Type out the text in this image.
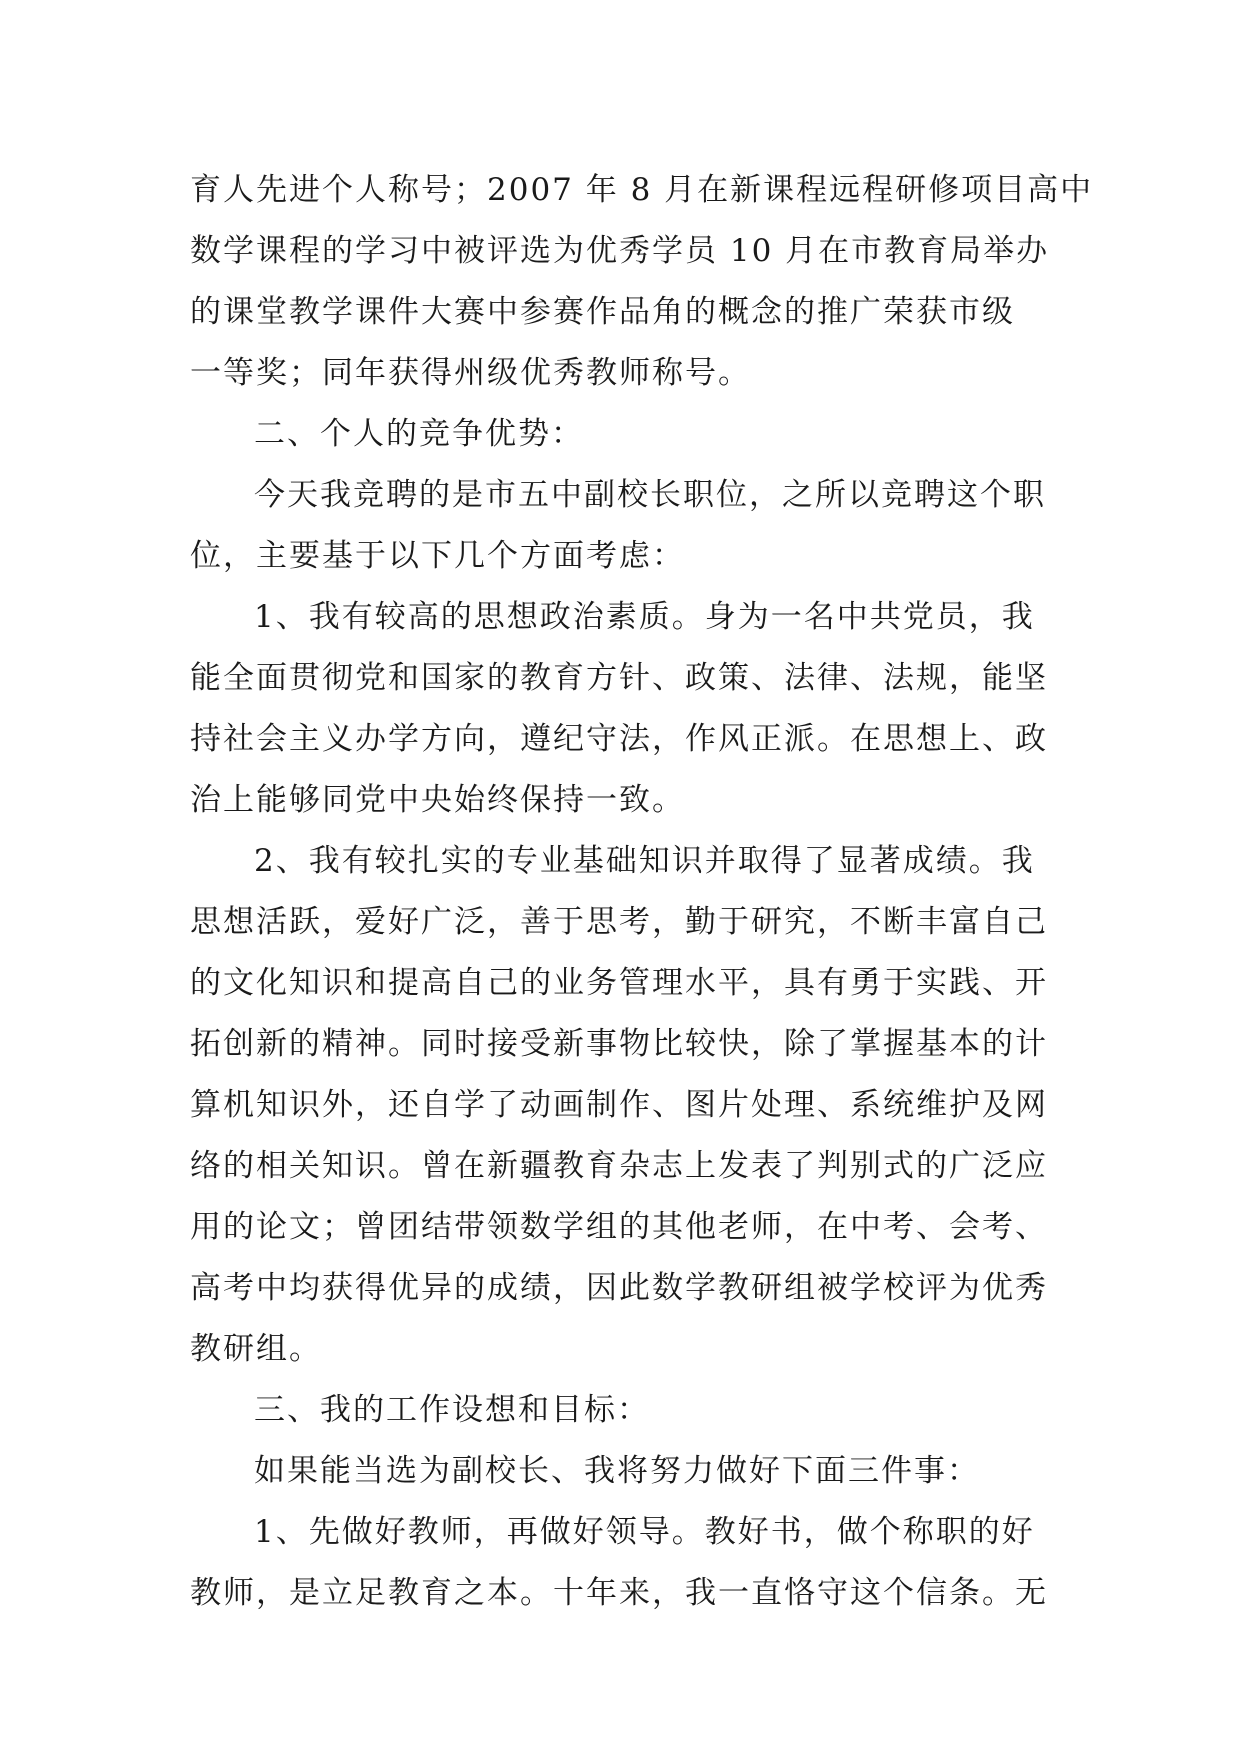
育人先进个人称号；2007 年 8 月在新课程远程研修项目高中
数学课程的学习中被评选为优秀学员 10 月在市教育局举办
的课堂教学课件大赛中参赛作品角的概念的推广荣获市级
一等奖；同年获得州级优秀教师称号。
二、个人的竞争优势：
今天我竞聘的是市五中副校长职位，之所以竞聘这个职
位，主要基于以下几个方面考虑：
1、我有较高的思想政治素质。身为一名中共党员，我
能全面贯彻党和国家的教育方针、政策、法律、法规，能坚
持社会主义办学方向，遵纪守法，作风正派。在思想上、政
治上能够同党中央始终保持一致。
2、我有较扎实的专业基础知识并取得了显著成绩。我
思想活跃，爱好广泛，善于思考，勤于研究，不断丰富自己
的文化知识和提高自己的业务管理水平，具有勇于实践、开
拓创新的精神。同时接受新事物比较快，除了掌握基本的计
算机知识外，还自学了动画制作、图片处理、系统维护及网
络的相关知识。曾在新疆教育杂志上发表了判别式的广泛应
用的论文；曾团结带领数学组的其他老师，在中考、会考、
高考中均获得优异的成绩，因此数学教研组被学校评为优秀
教研组。
三、我的工作设想和目标：
如果能当选为副校长、我将努力做好下面三件事：
1、先做好教师，再做好领导。教好书，做个称职的好
教师，是立足教育之本。十年来，我一直恪守这个信条。无
